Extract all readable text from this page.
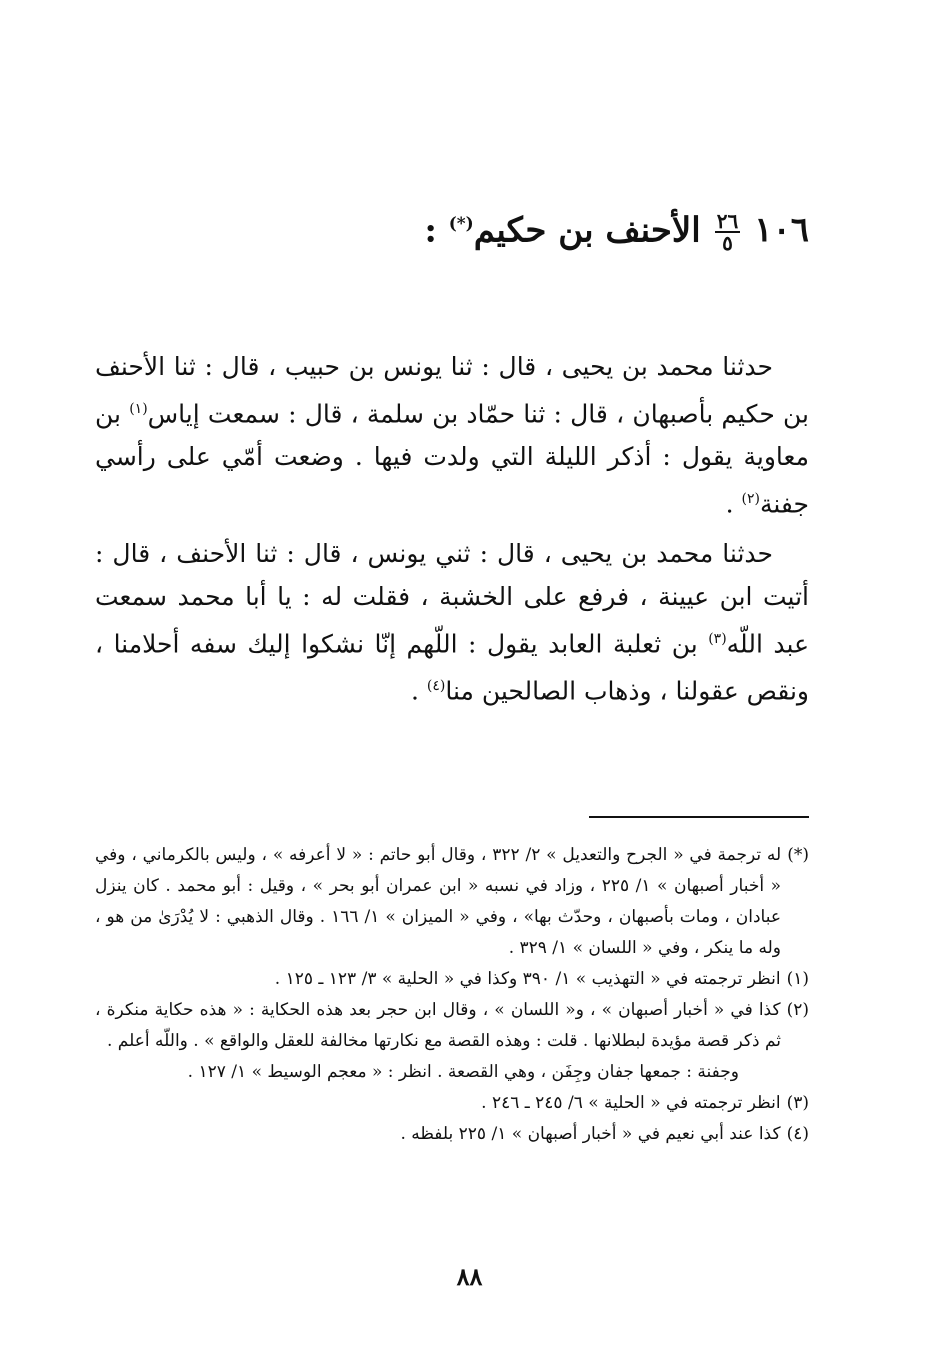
١٠٦
$\frac{٢٦}{٥}$
الأحنف بن حكيم(*) :

حدثنا محمد بن يحيى ، قال : ثنا يونس بن حبيب ، قال : ثنا الأحنف بن حكيم بأصبهان ، قال : ثنا حمّاد بن سلمة ، قال : سمعت إياس$^{(١)}$ بن معاوية يقول : أذكر الليلة التي ولدت فيها . وضعت أمّي على رأسي جفنة$^{(٢)}$ .

حدثنا محمد بن يحيى ، قال : ثني يونس ، قال : ثنا الأحنف ، قال : أتيت ابن عيينة ، فرفع على الخشبة ، فقلت له : يا أبا محمد سمعت عبد اللّه$^{(٣)}$ بن ثعلبة العابد يقول : اللّهم إنّا نشكوا إليك سفه أحلامنا ، ونقص عقولنا ، وذهاب الصالحين منا$^{(٤)}$ .

(*)له ترجمة في « الجرح والتعديل » ٢/ ٣٢٢ ، وقال أبو حاتم : « لا أعرفه » ، وليس بالكرماني ، وفي « أخبار أصبهان » ١/ ٢٢٥ ، وزاد في نسبه « ابن عمران أبو بحر » ، وقيل : أبو محمد . كان ينزل عبادان ، ومات بأصبهان ، وحدّث بها» ، وفي « الميزان » ١/ ١٦٦ . وقال الذهبي : لا يُدْرَىٰ من هو ، وله ما ينكر ، وفي « اللسان » ١/ ٣٢٩ .

(١)انظر ترجمته في « التهذيب » ١/ ٣٩٠ وكذا في « الحلية » ٣/ ١٢٣ ـ ١٢٥ .

(٢)كذا في « أخبار أصبهان » ، و« اللسان » ، وقال ابن حجر بعد هذه الحكاية : « هذه حكاية منكرة ، ثم ذكر قصة مؤيدة لبطلانها . قلت : وهذه القصة مع نكارتها مخالفة للعقل والواقع » . واللّه أعلم .

وجفنة : جمعها جفان وجِفَن ، وهي القصعة . انظر : « معجم الوسيط » ١/ ١٢٧ .

(٣)انظر ترجمته في « الحلية » ٦/ ٢٤٥ ـ ٢٤٦ .

(٤)كذا عند أبي نعيم في « أخبار أصبهان » ١/ ٢٢٥ بلفظه .

٨٨
